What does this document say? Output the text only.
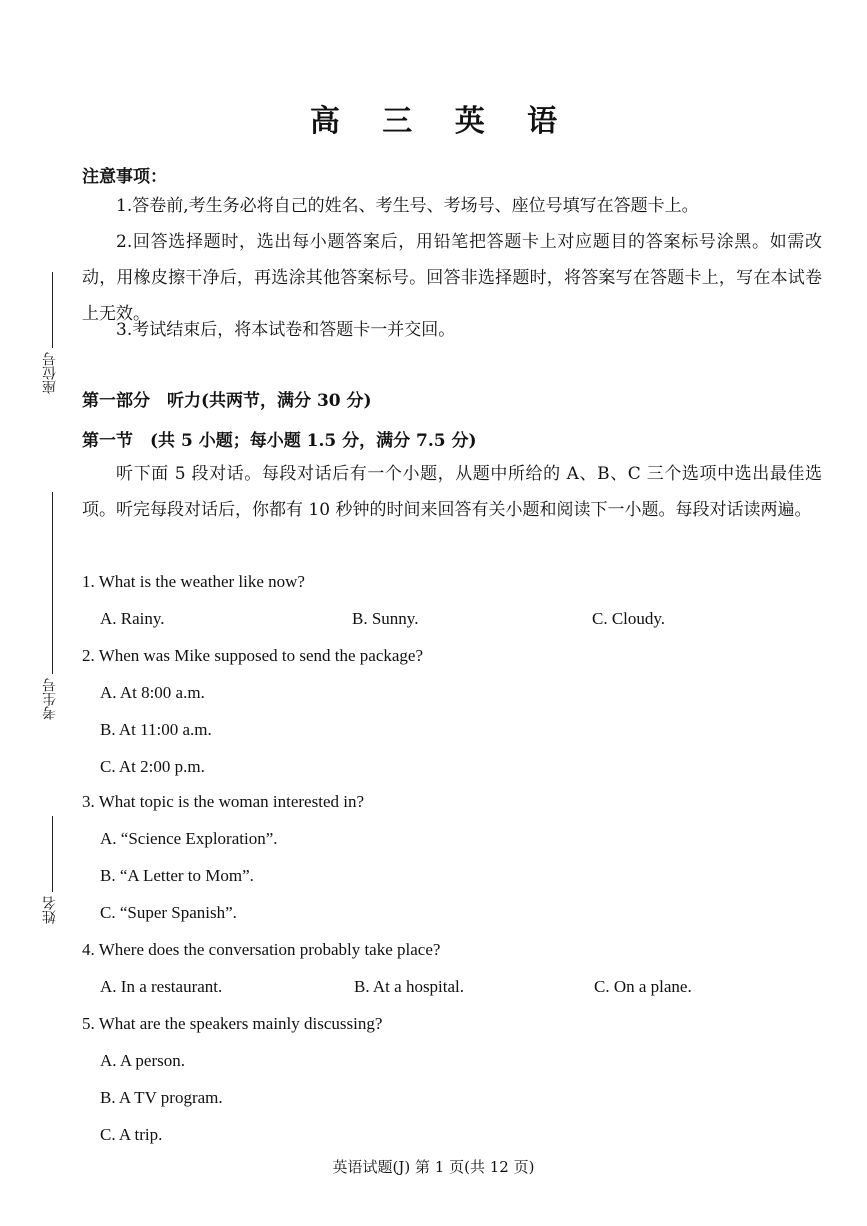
座位号
考生号
姓名
高 三 英 语
注意事项：
1.答卷前,考生务必将自己的姓名、考生号、考场号、座位号填写在答题卡上。
2.回答选择题时，选出每小题答案后，用铅笔把答题卡上对应题目的答案标号涂黑。如需改动，用橡皮擦干净后，再选涂其他答案标号。回答非选择题时，将答案写在答题卡上，写在本试卷上无效。
3.考试结束后，将本试卷和答题卡一并交回。
第一部分　听力(共两节，满分 30 分)
第一节　(共 5 小题；每小题 1.5 分，满分 7.5 分)
听下面 5 段对话。每段对话后有一个小题，从题中所给的 A、B、C 三个选项中选出最佳选项。听完每段对话后，你都有 10 秒钟的时间来回答有关小题和阅读下一小题。每段对话读两遍。
1. What is the weather like now?
A. Rainy.	B. Sunny.	C. Cloudy.
2. When was Mike supposed to send the package?
A. At 8:00 a.m.
B. At 11:00 a.m.
C. At 2:00 p.m.
3. What topic is the woman interested in?
A. “Science Exploration”.
B. “A Letter to Mom”.
C. “Super Spanish”.
4. Where does the conversation probably take place?
A. In a restaurant.	B. At a hospital.	C. On a plane.
5. What are the speakers mainly discussing?
A. A person.
B. A TV program.
C. A trip.
英语试题(J) 第 1 页(共 12 页)
